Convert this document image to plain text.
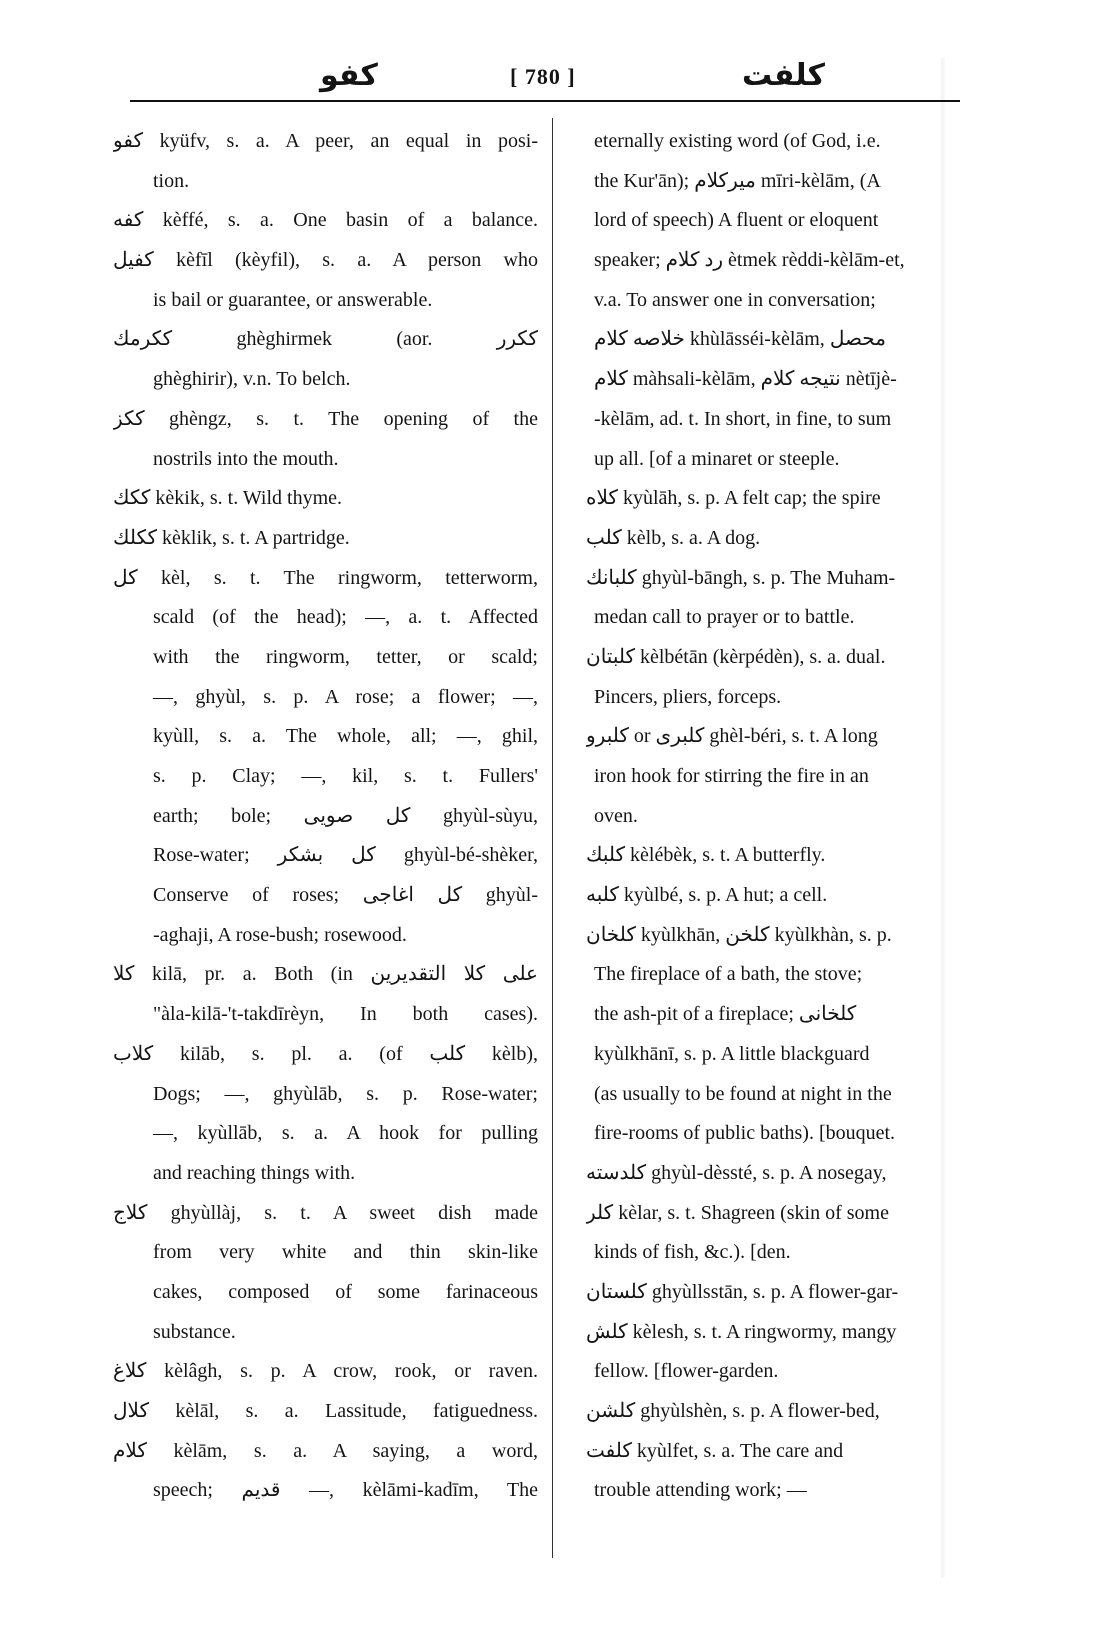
كفو	[ 780 ]	كلفت
كفو kyüfv, s. a. A peer, an equal in posi-
tion.
كفه kèffé, s. a. One basin of a balance.
كفيل kèfīl (kèyfil), s. a. A person who
is bail or guarantee, or answerable.
ككرمك ghèghirmek (aor. ككرر
ghèghirir), v.n. To belch.
ككز ghèngz, s. t. The opening of the
nostrils into the mouth.
ككك kèkik, s. t. Wild thyme.
ككلك kèklik, s. t. A partridge.
كل kèl, s. t. The ringworm, tetterworm,
scald (of the head); —, a. t. Affected
with the ringworm, tetter, or scald;
—, ghyùl, s. p. A rose; a flower; —,
kyùll, s. a. The whole, all; —, ghil,
s. p. Clay; —, kil, s. t. Fullers'
earth; bole; كل صويى ghyùl-sùyu,
Rose-water; كل بشكر ghyùl-bé-shèker,
Conserve of roses; كل اغاجى ghyùl-
-aghaji, A rose-bush; rosewood.
كلا kilā, pr. a. Both (in على كلا التقديرين
"àla-kilā-'t-takdīrèyn, In both cases).
كلاب kilāb, s. pl. a. (of كلب kèlb),
Dogs; —, ghyùlāb, s. p. Rose-water;
—, kyùllāb, s. a. A hook for pulling
and reaching things with.
كلاج ghyùllàj, s. t. A sweet dish made
from very white and thin skin-like
cakes, composed of some farinaceous
substance.
كلاغ kèlâgh, s. p. A crow, rook, or raven.
كلال kèlāl, s. a. Lassitude, fatiguedness.
كلام kèlām, s. a. A saying, a word,
speech; قديم —, kèlāmi-kadīm, The
eternally existing word (of God, i.e.
the Kur'ān); ميركلام mīri-kèlām, (A
lord of speech) A fluent or eloquent
speaker; رد كلام ètmek rèddi-kèlām-et,
v.a. To answer one in conversation;
خلاصه كلام khùlāsséi-kèlām, محصل
كلام màhsali-kèlām, نتيجه كلام nètījè-
-kèlām, ad. t. In short, in fine, to sum
up all. [of a minaret or steeple.
كلاه kyùlāh, s. p. A felt cap; the spire
كلب kèlb, s. a. A dog.
كلبانك ghyùl-bāngh, s. p. The Muham-
medan call to prayer or to battle.
كلبتان kèlbétān (kèrpédèn), s. a. dual.
Pincers, pliers, forceps.
كلبرو or كلبرى ghèl-béri, s. t. A long
iron hook for stirring the fire in an
oven.
كلبك kèlébèk, s. t. A butterfly.
كلبه kyùlbé, s. p. A hut; a cell.
كلخان kyùlkhān, كلخن kyùlkhàn, s. p.
The fireplace of a bath, the stove;
the ash-pit of a fireplace; كلخانى
kyùlkhānī, s. p. A little blackguard
(as usually to be found at night in the
fire-rooms of public baths). [bouquet.
كلدسته ghyùl-dèssté, s. p. A nosegay,
كلر kèlar, s. t. Shagreen (skin of some
kinds of fish, &c.). [den.
كلستان ghyùllsstān, s. p. A flower-gar-
كلش kèlesh, s. t. A ringwormy, mangy
fellow. [flower-garden.
كلشن ghyùlshèn, s. p. A flower-bed,
كلفت kyùlfet, s. a. The care and
trouble attending work; —
